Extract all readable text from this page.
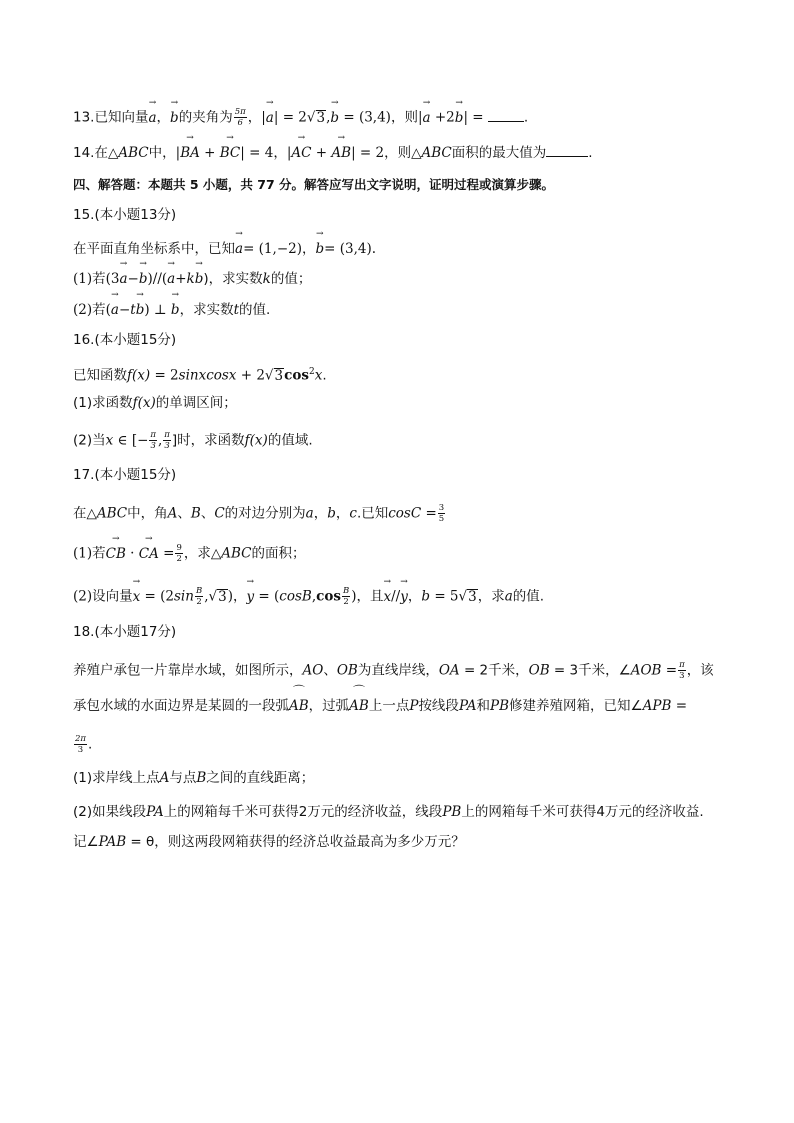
13.已知向量→ a，→ b的夹角为 $\frac{5\pi}{6}$ ，|→ a| = 2√3,→ b = (3,4)，则|→ a +2→ b| =	.
14.在△ABC中，|→ BA + → BC| = 4，|→ AC + → AB| = 2，则△ABC面积的最大值为	.
四、解答题：本题共 5 小题，共 77 分。解答应写出文字说明，证明过程或演算步骤。
15.(本小题13分)
在平面直角坐标系中，已知→ a= (1,−2)，→ b= (3,4).
(1)若(3→ a−→ b)//(→ a+k→ b)，求实数k的值；
(2)若(→ a−t→ b) ⊥ → b，求实数t的值.
16.(本小题15分)
已知函数f(x) = 2sinxcosx + $2√3\cos^2x$.
(1)求函数f(x)的单调区间；
(2)当x ∈ [− $\frac{\pi}{3}$ , $\frac{\pi}{3}$ ]时，求函数f(x)的值域.
17.(本小题15分)
在△ABC中，角A、B、C的对边分别为a，b，c.已知$\cos C = \frac{3}{5}$
(1)若→ CB · → CA = $\frac{9}{2}$ ，求△ABC的面积；
(2)设向量→ $x = (2\sin \frac{B}{2} ,√3)$，→ $y = (\cos B,\cos \frac{B}{2}$ )，且→ x//→ y，b = 5√3，求a的值.
18.(本小题17分)
养殖户承包一片靠岸水域，如图所示，AO、OB为直线岸线，OA = 2千米，OB = 3千米，∠AOB = $\frac{\pi}{3}$ ，该
承包水域的水面边界是某圆的一段弧⌒ AB，过弧⌒ AB上一点P按线段PA和PB修建养殖网箱，已知∠APB =
$\frac{2\pi}{3}$ .
(1)求岸线上点A与点B之间的直线距离；
(2)如果线段PA上的网箱每千米可获得2万元的经济收益，线段PB上的网箱每千米可获得4万元的经济收益.
记∠PAB = θ，则这两段网箱获得的经济总收益最高为多少万元？
